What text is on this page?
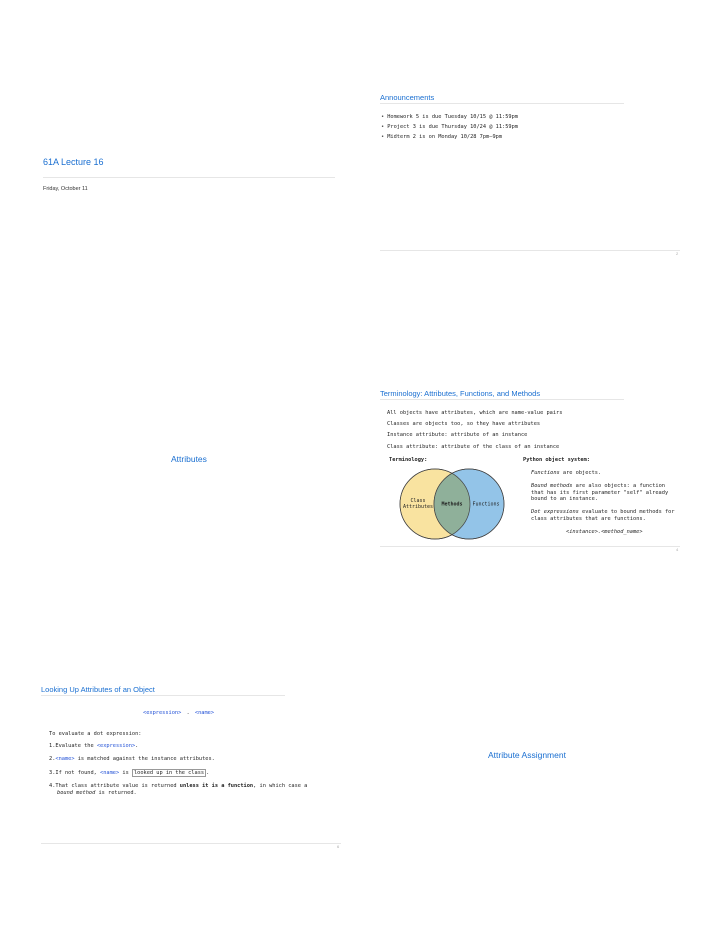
Announcements
• Homework 5 is due Tuesday 10/15 @ 11:59pm
• Project 3 is due Thursday 10/24 @ 11:59pm
• Midterm 2 is on Monday 10/28 7pm–9pm
2
61A Lecture 16
Friday, October 11
Attributes
Terminology: Attributes, Functions, and Methods
All objects have attributes, which are name-value pairs
Classes are objects too, so they have attributes
Instance attribute: attribute of an instance
Class attribute: attribute of the class of an instance
Terminology:	Python object system:
Class
Attributes Methods Functions
Functions are objects.
Bound methods are also objects: a function
that has its first parameter "self" already
bound to an instance.
Dot expressions evaluate to bound methods for
class attributes that are functions.
<instance>.<method_name>
4
Looking Up Attributes of an Object
<expression> . <name>
To evaluate a dot expression:
1.Evaluate the <expression>.
2.<name> is matched against the instance attributes.
3.If not found, <name> is looked up in the class .
4.That class attribute value is returned unless it is a function, in which case a
bound method is returned.
6
Attribute Assignment
